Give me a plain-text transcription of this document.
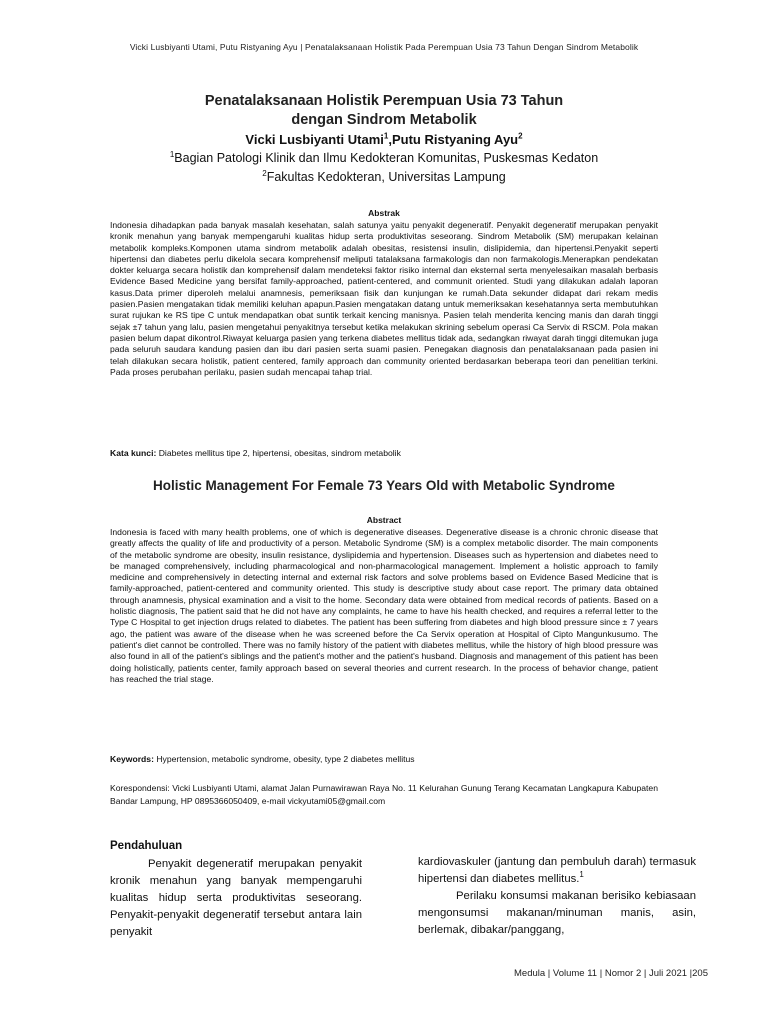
Vicki Lusbiyanti Utami, Putu Ristyaning Ayu | Penatalaksanaan Holistik Pada Perempuan Usia 73 Tahun Dengan Sindrom Metabolik
Penatalaksanaan Holistik Perempuan Usia 73 Tahun
dengan Sindrom Metabolik
Vicki Lusbiyanti Utami$^1$,Putu Ristyaning Ayu$^2$
$^1$Bagian Patologi Klinik dan Ilmu Kedokteran Komunitas, Puskesmas Kedaton
$^2$Fakultas Kedokteran, Universitas Lampung
Abstrak
Indonesia dihadapkan pada banyak masalah kesehatan, salah satunya yaitu penyakit degeneratif. Penyakit degeneratif merupakan penyakit kronik menahun yang banyak mempengaruhi kualitas hidup serta produktivitas seseorang. Sindrom Metabolik (SM) merupakan kelainan metabolik kompleks.Komponen utama sindrom metabolik adalah obesitas, resistensi insulin, dislipidemia, dan hipertensi.Penyakit seperti hipertensi dan diabetes perlu dikelola secara komprehensif meliputi tatalaksana farmakologis dan non farmakologis.Menerapkan pendekatan dokter keluarga secara holistik dan komprehensif dalam mendeteksi faktor risiko internal dan eksternal serta menyelesaikan masalah berbasis Evidence Based Medicine yang bersifat family-approached, patient-centered, and communit oriented. Studi yang dilakukan adalah laporan kasus.Data primer diperoleh melalui anamnesis, pemeriksaan fisik dan kunjungan ke rumah.Data sekunder didapat dari rekam medis pasien.Pasien mengatakan tidak memiliki keluhan apapun.Pasien mengatakan datang untuk memeriksakan kesehatannya serta membutuhkan surat rujukan ke RS tipe C untuk mendapatkan obat suntik terkait kencing manisnya. Pasien telah menderita kencing manis dan darah tinggi sejak ±7 tahun yang lalu, pasien mengetahui penyakitnya tersebut ketika melakukan skrining sebelum operasi Ca Servix di RSCM. Pola makan pasien belum dapat dikontrol.Riwayat keluarga pasien yang terkena diabetes mellitus tidak ada, sedangkan riwayat darah tinggi ditemukan juga pada seluruh saudara kandung pasien dan ibu dari pasien serta suami pasien. Penegakan diagnosis dan penatalaksanaan pada pasien ini telah dilakukan secara holistik, patient centered, family approach dan community oriented berdasarkan beberapa teori dan penelitian terkini. Pada proses perubahan perilaku, pasien sudah mencapai tahap trial.
Kata kunci: Diabetes mellitus tipe 2, hipertensi, obesitas, sindrom metabolik
Holistic Management For Female 73 Years Old with Metabolic Syndrome
Abstract
Indonesia is faced with many health problems, one of which is degenerative diseases. Degenerative disease is a chronic chronic disease that greatly affects the quality of life and productivity of a person. Metabolic Syndrome (SM) is a complex metabolic disorder. The main components of the metabolic syndrome are obesity, insulin resistance, dyslipidemia and hypertension. Diseases such as hypertension and diabetes need to be managed comprehensively, including pharmacological and non-pharmacological management. Implement a holistic approach to family medicine and comprehensively in detecting internal and external risk factors and solve problems based on Evidence Based Medicine that is family-approached, patient-centered and community oriented. This study is descriptive study about case report. The primary data obtained through anamnesis, physical examination and a visit to the home. Secondary data were obtained from medical records of patients. Based on a holistic diagnosis, The patient said that he did not have any complaints, he came to have his health checked, and requires a referral letter to the Type C Hospital to get injection drugs related to diabetes. The patient has been suffering from diabetes and high blood pressure since ± 7 years ago, the patient was aware of the disease when he was screened before the Ca Servix operation at Hospital of Cipto Mangunkusumo. The patient's diet cannot be controlled. There was no family history of the patient with diabetes mellitus, while the history of high blood pressure was also found in all of the patient's siblings and the patient's mother and the patient's husband. Diagnosis and management of this patient has been doing holistically, patients center, family approach based on several theories and current research. In the process of behavior change, patient has reached the trial stage.
Keywords: Hypertension, metabolic syndrome, obesity, type 2 diabetes mellitus
Korespondensi: Vicki Lusbiyanti Utami, alamat Jalan Purnawirawan Raya No. 11 Kelurahan Gunung Terang Kecamatan Langkapura Kabupaten Bandar Lampung, HP 0895366050409, e-mail vickyutami05@gmail.com
Pendahuluan

Penyakit degeneratif merupakan penyakit kronik menahun yang banyak mempengaruhi kualitas hidup serta produktivitas seseorang. Penyakit-penyakit degeneratif tersebut antara lain penyakit

kardiovaskuler (jantung dan pembuluh darah) termasuk hipertensi dan diabetes mellitus.$^1$

Perilaku konsumsi makanan berisiko kebiasaan mengonsumsi makanan/minuman manis, asin, berlemak, dibakar/panggang,

Medula | Volume 11 | Nomor 2 | Juli 2021 |205
